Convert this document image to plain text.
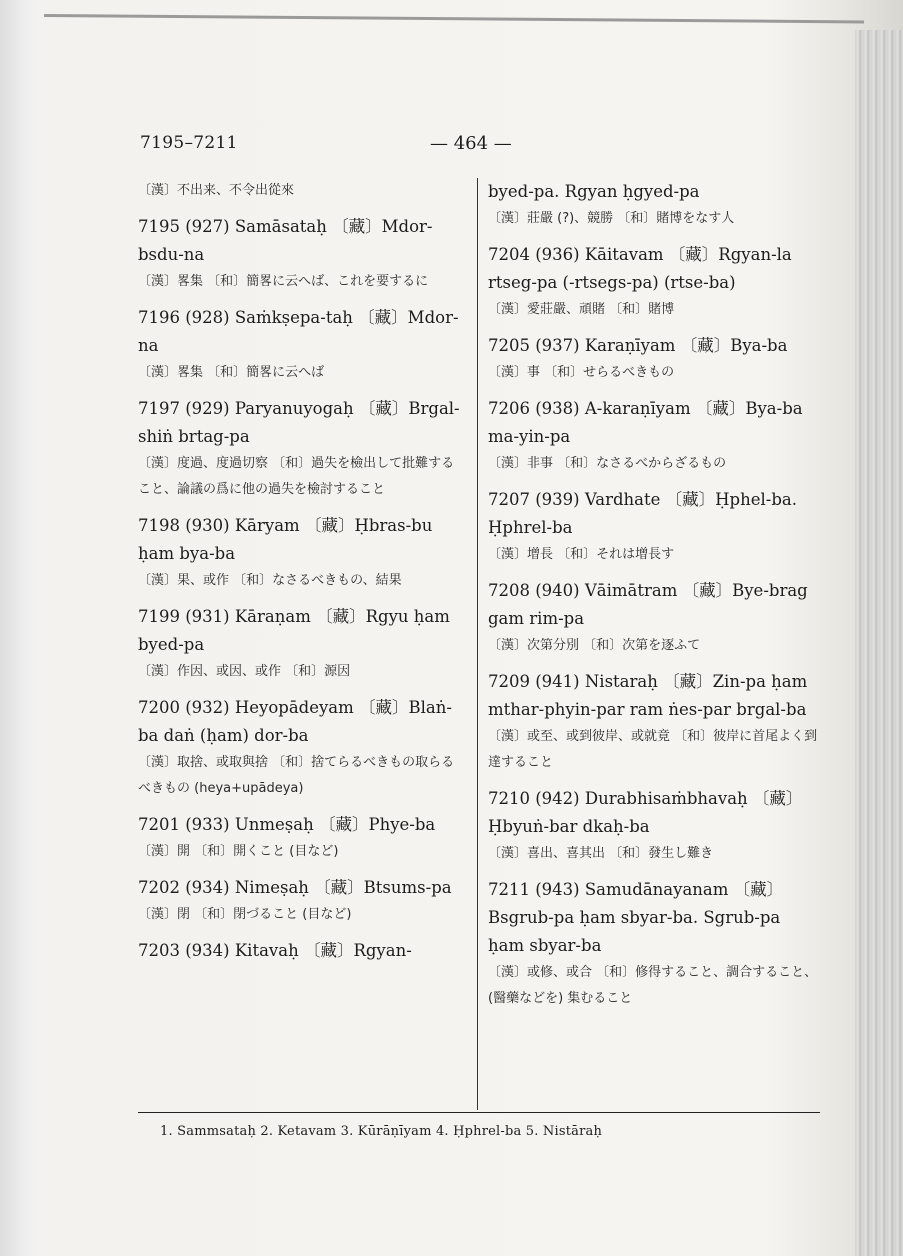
7195–7211	— 464 —
〔漢〕不出来、不令出從來
7195 (927) Samāsataḥ 〔藏〕Mdor-bsdu-na
〔漢〕畧集 〔和〕簡畧に云へば、これを要するに
7196 (928) Saṁkṣepa-taḥ 〔藏〕Mdor-na
〔漢〕畧集 〔和〕簡畧に云へば
7197 (929) Paryanuyogaḥ 〔藏〕Brgal-shiṅ brtag-pa
〔漢〕度過、度過切察 〔和〕過失を檢出して批難すること、論議の爲に他の過失を檢討すること
7198 (930) Kāryam 〔藏〕Ḥbras-bu ḥam bya-ba
〔漢〕果、或作 〔和〕なさるべきもの、結果
7199 (931) Kāraṇam 〔藏〕Rgyu ḥam byed-pa
〔漢〕作因、或因、或作 〔和〕源因
7200 (932) Heyopādeyam 〔藏〕Blaṅ-ba daṅ (ḥam) dor-ba
〔漢〕取捨、或取與捨 〔和〕捨てらるべきもの取らるべきもの (heya+upādeya)
7201 (933) Unmeṣaḥ 〔藏〕Phye-ba
〔漢〕開 〔和〕開くこと (目など)
7202 (934) Nimeṣaḥ 〔藏〕Btsums-pa
〔漢〕閉 〔和〕閉づること (目など)
7203 (934) Kitavaḥ 〔藏〕Rgyan-
byed-pa. Rgyan ḥgyed-pa
〔漢〕莊嚴 (?)、競勝 〔和〕賭博をなす人
7204 (936) Kāitavam 〔藏〕Rgyan-la rtseg-pa (-rtsegs-pa) (rtse-ba)
〔漢〕愛莊嚴、頑賭 〔和〕賭博
7205 (937) Karaṇīyam 〔藏〕Bya-ba
〔漢〕事 〔和〕せらるべきもの
7206 (938) A-karaṇīyam 〔藏〕Bya-ba ma-yin-pa
〔漢〕非事 〔和〕なさるべからざるもの
7207 (939) Vardhate 〔藏〕Ḥphel-ba. Ḥphrel-ba
〔漢〕增長 〔和〕それは增長す
7208 (940) Vāimātram 〔藏〕Bye-brag gam rim-pa
〔漢〕次第分別 〔和〕次第を逐ふて
7209 (941) Nistaraḥ 〔藏〕Zin-pa ḥam mthar-phyin-par ram ṅes-par brgal-ba
〔漢〕或至、或到彼岸、或就竟 〔和〕彼岸に首尾よく到達すること
7210 (942) Durabhisaṁbhavaḥ 〔藏〕Ḥbyuṅ-bar dkaḥ-ba
〔漢〕喜出、喜其出 〔和〕發生し難き
7211 (943) Samudānayanam 〔藏〕Bsgrub-pa ḥam sbyar-ba. Sgrub-pa ḥam sbyar-ba
〔漢〕或修、或合 〔和〕修得すること、調合すること、(醫藥などを) 集むること
1. Sammsataḥ 2. Ketavam 3. Kūrāṇīyam 4. Ḥphrel-ba 5. Nistāraḥ
